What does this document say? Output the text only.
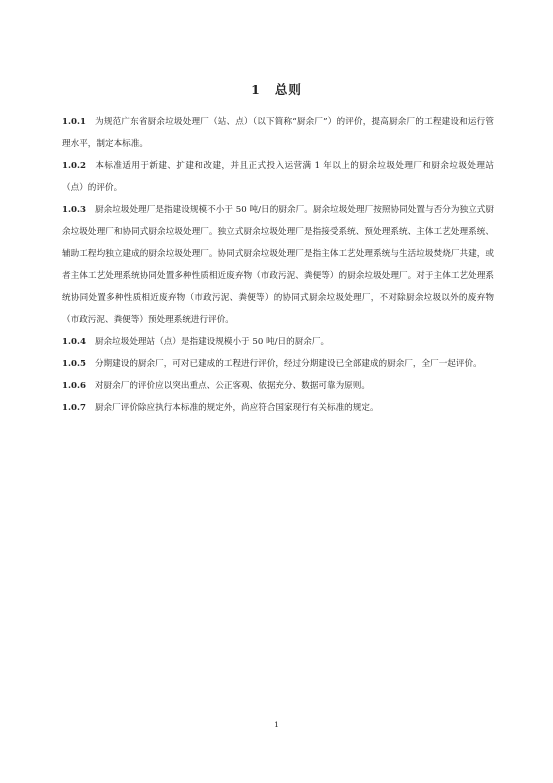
1 总则

1.0.1 为规范广东省厨余垃圾处理厂（站、点）（以下简称“厨余厂”）的评价，提高厨余厂的工程建设和运行管理水平，制定本标准。

1.0.2 本标准适用于新建、扩建和改建，并且正式投入运营满 1 年以上的厨余垃圾处理厂和厨余垃圾处理站（点）的评价。

1.0.3 厨余垃圾处理厂是指建设规模不小于 50 吨/日的厨余厂。厨余垃圾处理厂按照协同处置与否分为独立式厨余垃圾处理厂和协同式厨余垃圾处理厂。独立式厨余垃圾处理厂是指接受系统、预处理系统、主体工艺处理系统、辅助工程均独立建成的厨余垃圾处理厂。协同式厨余垃圾处理厂是指主体工艺处理系统与生活垃圾焚烧厂共建，或者主体工艺处理系统协同处置多种性质相近废弃物（市政污泥、粪便等）的厨余垃圾处理厂。对于主体工艺处理系统协同处置多种性质相近废弃物（市政污泥、粪便等）的协同式厨余垃圾处理厂，不对除厨余垃圾以外的废弃物（市政污泥、粪便等）预处理系统进行评价。

1.0.4 厨余垃圾处理站（点）是指建设规模小于 50 吨/日的厨余厂。

1.0.5 分期建设的厨余厂，可对已建成的工程进行评价，经过分期建设已全部建成的厨余厂，全厂一起评价。

1.0.6 对厨余厂的评价应以突出重点、公正客观、依据充分、数据可靠为原则。

1.0.7 厨余厂评价除应执行本标准的规定外，尚应符合国家现行有关标准的规定。

1
